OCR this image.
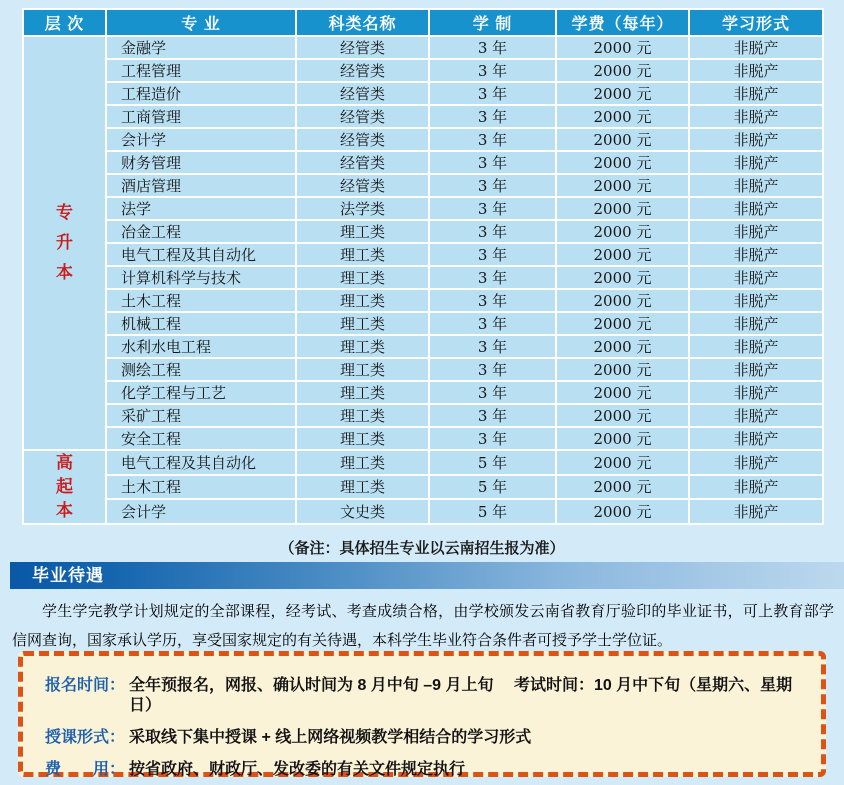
层 次	专 业	科类名称	学 制	学费（每年）	学习形式

专升本	金融学	经管类	3 年	2000 元	非脱产
	工程管理	经管类	3 年	2000 元	非脱产
	工程造价	经管类	3 年	2000 元	非脱产
	工商管理	经管类	3 年	2000 元	非脱产
	会计学	经管类	3 年	2000 元	非脱产
	财务管理	经管类	3 年	2000 元	非脱产
	酒店管理	经管类	3 年	2000 元	非脱产
	法学	法学类	3 年	2000 元	非脱产
	冶金工程	理工类	3 年	2000 元	非脱产
	电气工程及其自动化	理工类	3 年	2000 元	非脱产
	计算机科学与技术	理工类	3 年	2000 元	非脱产
	土木工程	理工类	3 年	2000 元	非脱产
	机械工程	理工类	3 年	2000 元	非脱产
	水利水电工程	理工类	3 年	2000 元	非脱产
	测绘工程	理工类	3 年	2000 元	非脱产
	化学工程与工艺	理工类	3 年	2000 元	非脱产
	采矿工程	理工类	3 年	2000 元	非脱产
	安全工程	理工类	3 年	2000 元	非脱产

高起本	电气工程及其自动化	理工类	5 年	2000 元	非脱产
	土木工程	理工类	5 年	2000 元	非脱产
	会计学	文史类	5 年	2000 元	非脱产
（备注：具体招生专业以云南招生报为准）
毕业待遇
学生学完教学计划规定的全部课程，经考试、考查成绩合格，由学校颁发云南省教育厅验印的毕业证书，可上教育部学信网查询，国家承认学历，享受国家规定的有关待遇，本科学生毕业符合条件者可授予学士学位证。
报名时间： 全年预报名，网报、确认时间为 8 月中旬 –9 月上旬　 考试时间：10 月中下旬（星期六、星期日）
授课形式： 采取线下集中授课 + 线上网络视频教学相结合的学习形式
费　　用： 按省政府、财政厅、发改委的有关文件规定执行
